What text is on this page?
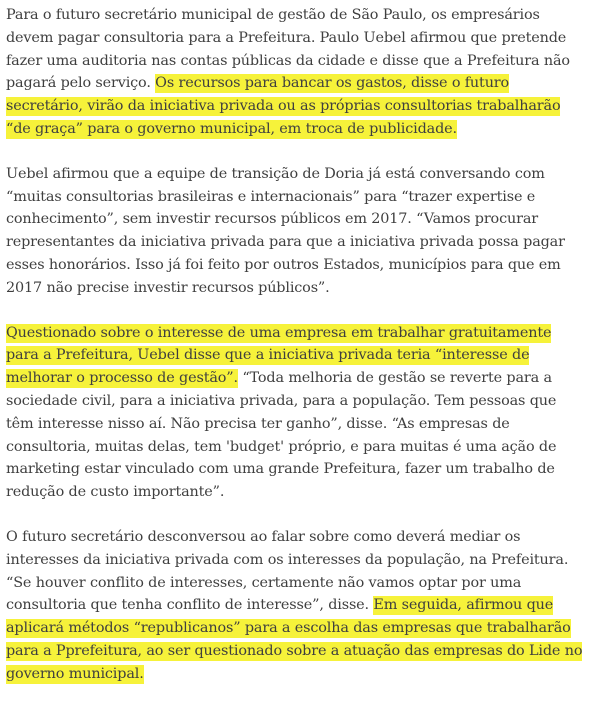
Para o futuro secretário municipal de gestão de São Paulo, os empresários devem pagar consultoria para a Prefeitura. Paulo Uebel afirmou que pretende fazer uma auditoria nas contas públicas da cidade e disse que a Prefeitura não pagará pelo serviço. Os recursos para bancar os gastos, disse o futuro secretário, virão da iniciativa privada ou as próprias consultorias trabalharão “de graça” para o governo municipal, em troca de publicidade.

Uebel afirmou que a equipe de transição de Doria já está conversando com “muitas consultorias brasileiras e internacionais” para “trazer expertise e conhecimento”, sem investir recursos públicos em 2017. “Vamos procurar representantes da iniciativa privada para que a iniciativa privada possa pagar esses honorários. Isso já foi feito por outros Estados, municípios para que em 2017 não precise investir recursos públicos”.

Questionado sobre o interesse de uma empresa em trabalhar gratuitamente para a Prefeitura, Uebel disse que a iniciativa privada teria “interesse de melhorar o processo de gestão”. “Toda melhoria de gestão se reverte para a sociedade civil, para a iniciativa privada, para a população. Tem pessoas que têm interesse nisso aí. Não precisa ter ganho”, disse. “As empresas de consultoria, muitas delas, tem 'budget' próprio, e para muitas é uma ação de marketing estar vinculado com uma grande Prefeitura, fazer um trabalho de redução de custo importante”.

O futuro secretário desconversou ao falar sobre como deverá mediar os interesses da iniciativa privada com os interesses da população, na Prefeitura. “Se houver conflito de interesses, certamente não vamos optar por uma consultoria que tenha conflito de interesse”, disse. Em seguida, afirmou que aplicará métodos “republicanos” para a escolha das empresas que trabalharão para a Pprefeitura, ao ser questionado sobre a atuação das empresas do Lide no governo municipal.
